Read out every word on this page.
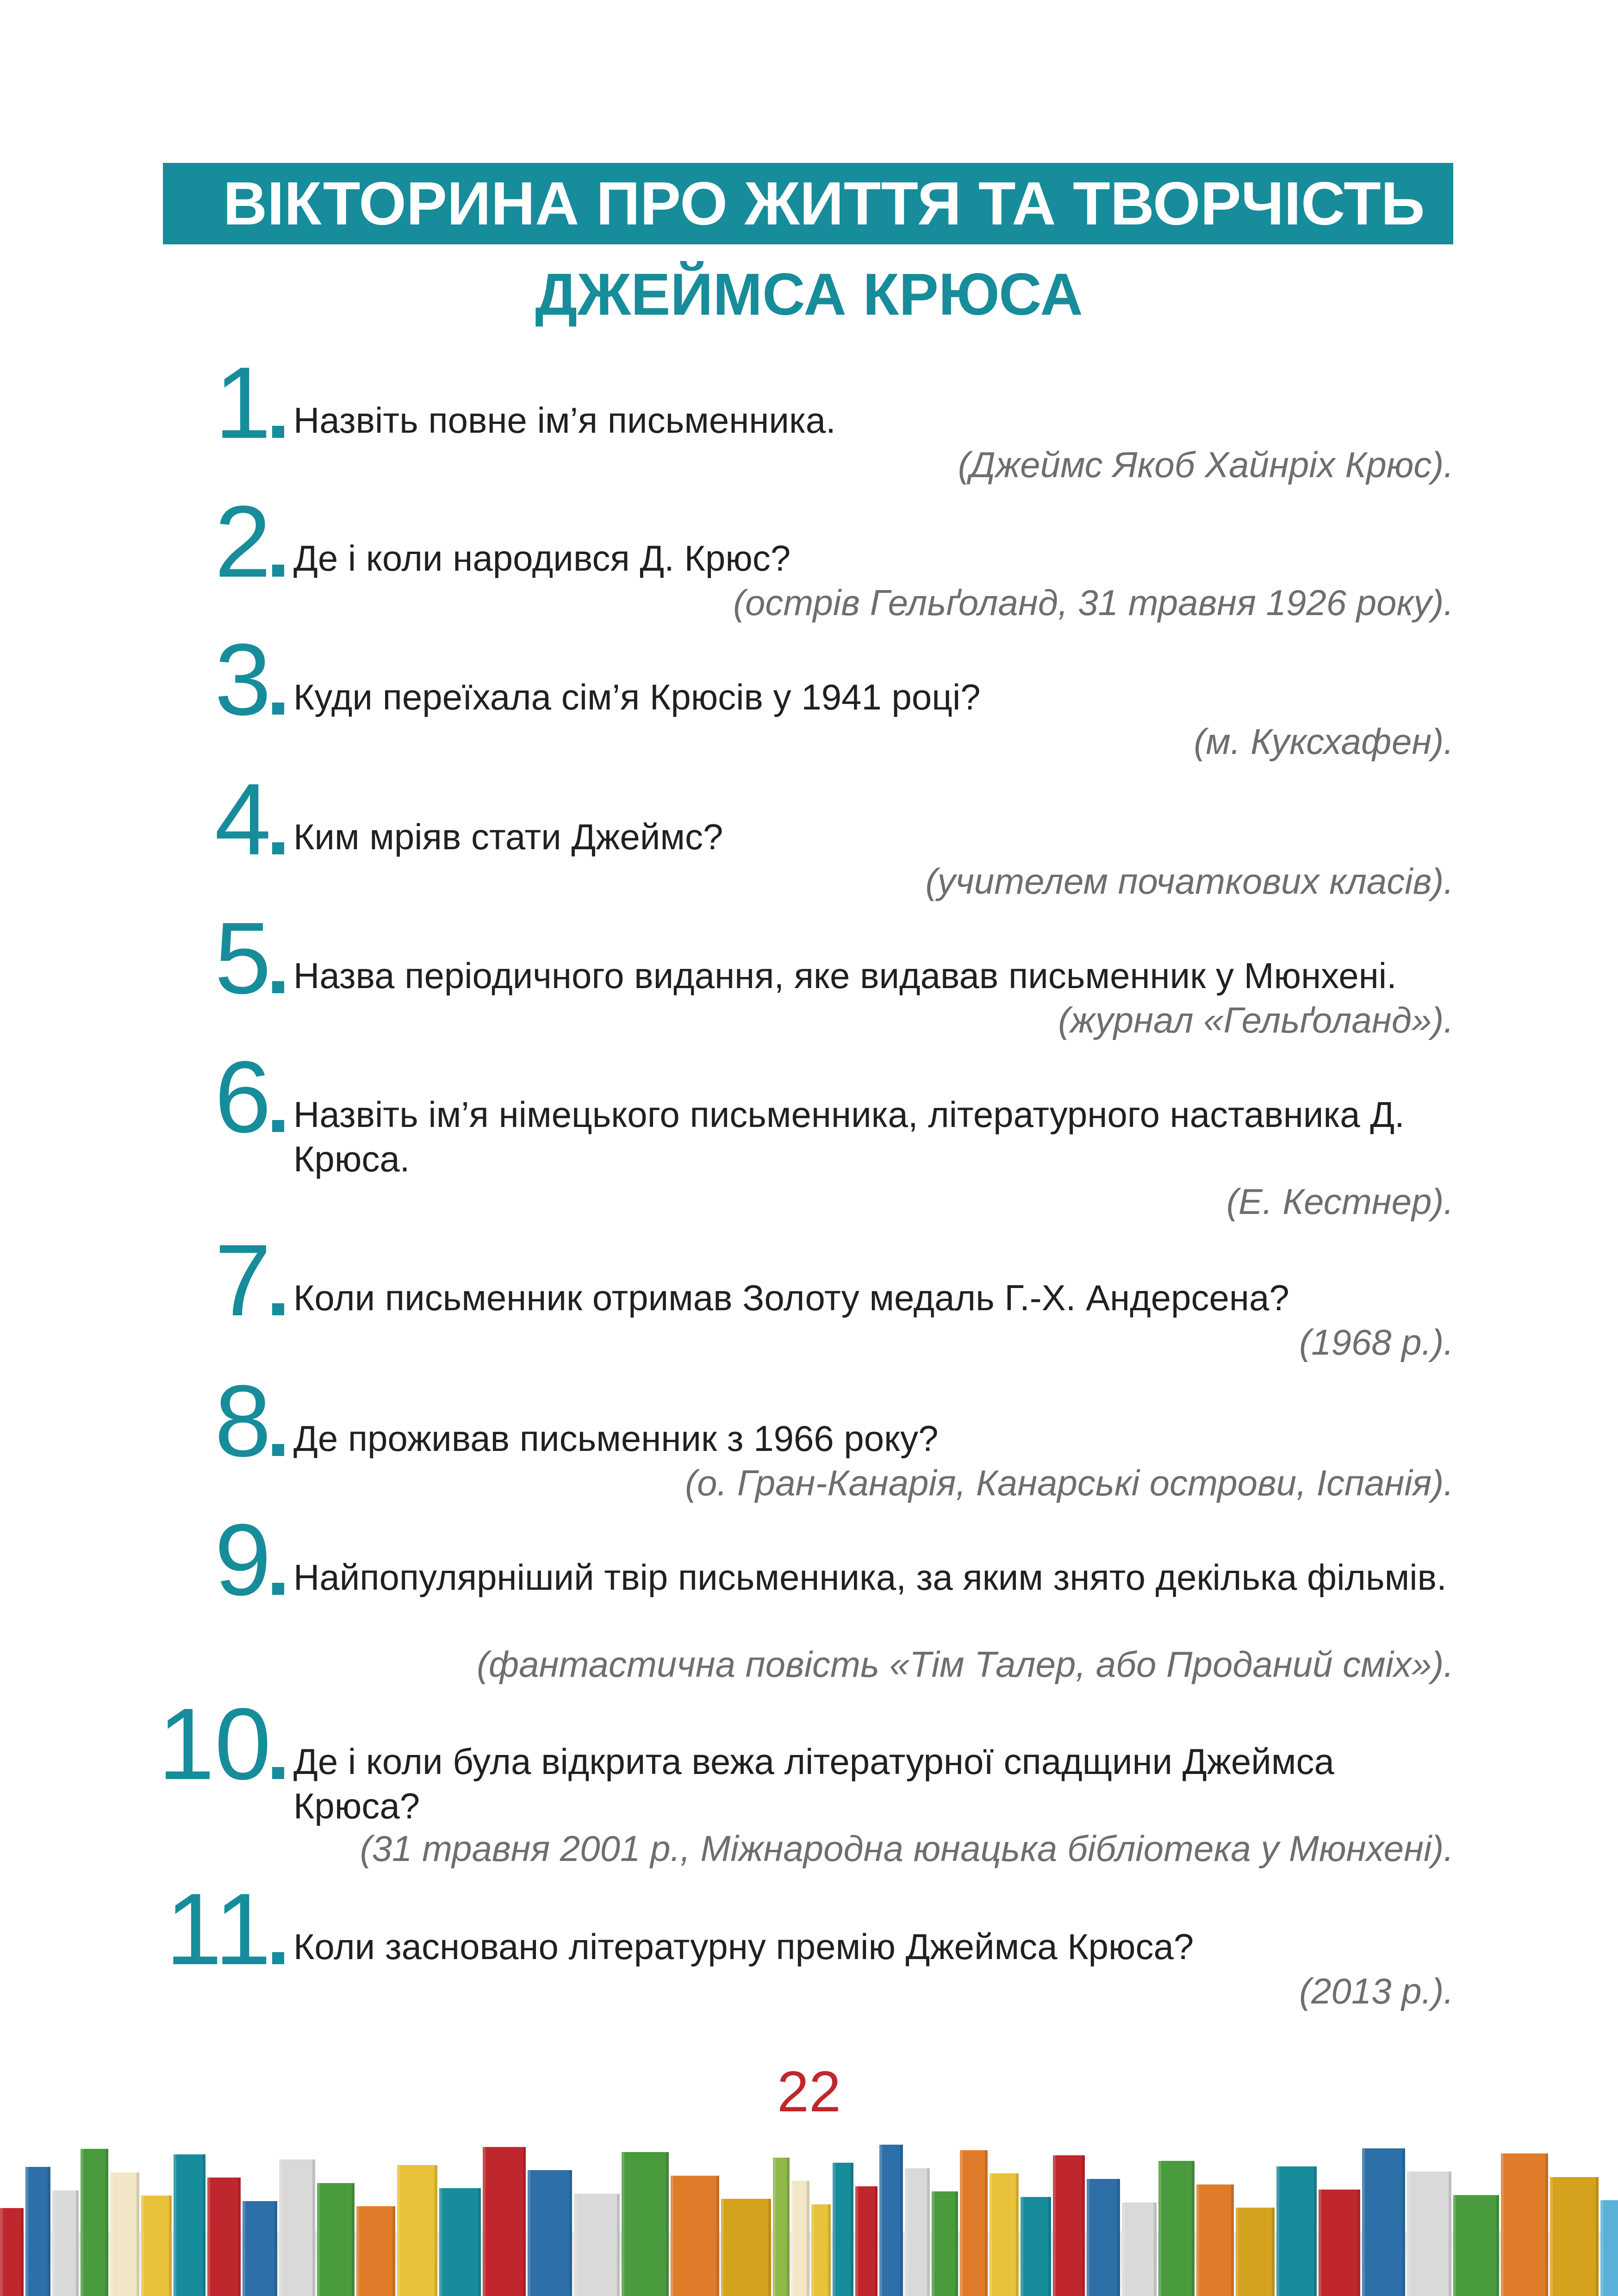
ВІКТОРИНА ПРО ЖИТТЯ ТА ТВОРЧІСТЬ
ДЖЕЙМСА КРЮСА
1 Назвіть повне ім’я письменника.
(Джеймс Якоб Хайнріх Крюс).
2 Де і коли народився Д. Крюс?
(острів Гельґоланд, 31 травня 1926 року).
3 Куди переїхала сім’я Крюсів у 1941 році?
(м. Куксхафен).
4 Ким мріяв стати Джеймс?
(учителем початкових класів).
5 Назва періодичного видання, яке видавав письменник у Мюнхені.
(журнал «Гельґоланд»).
6 Назвіть ім’я німецького письменника, літературного наставника Д. Крюса.
(Е. Кестнер).
7 Коли письменник отримав Золоту медаль Г.-Х. Андерсена?
(1968 р.).
8 Де проживав письменник з 1966 року?
(о. Гран-Канарія, Канарські острови, Іспанія).
9 Найпопулярніший твір письменника, за яким знято декілька фільмів.
(фантастична повість «Тім Талер, або Проданий сміх»).
10 Де і коли була відкрита вежа літературної спадщини Джеймса Крюса?
(31 травня 2001 р., Міжнародна юнацька бібліотека у Мюнхені).
11 Коли засновано літературну премію Джеймса Крюса?
(2013 р.).
22
